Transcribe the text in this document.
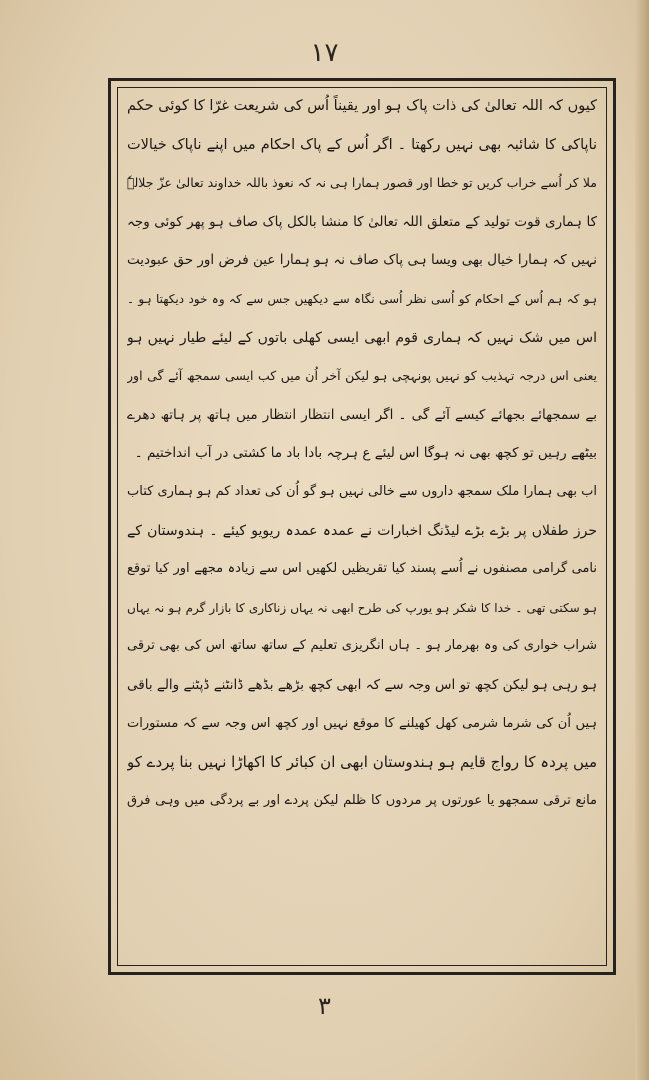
١٧
کیوں کہ اللہ تعالیٰ کی ذات پاک ہو اور یقیناً اُس کی شریعت غرّا کا کوئی حکم
ناپاکی کا شائبہ بھی نہیں رکھتا ۔ اگر اُس کے پاک احکام میں اپنے ناپاک خیالات
ملا کر اُسے خراب کریں تو خطا اور قصور ہمارا ہی نہ کہ نعوذ باللہ خداوند تعالیٰ عزّ جلالہٗ
کا ہماری قوت تولید کے متعلق اللہ تعالیٰ کا منشا بالکل پاک صاف ہو پھر کوئی وجہ
نہیں کہ ہمارا خیال بھی ویسا ہی پاک صاف نہ ہو ہمارا عین فرض اور حق عبودیت
ہو کہ ہم اُس کے احکام کو اُسی نظر اُسی نگاہ سے دیکھیں جس سے کہ وہ خود دیکھتا ہو ۔
اس میں شک نہیں کہ ہماری قوم ابھی ایسی کھلی باتوں کے لیئے طیار نہیں ہو
یعنی اس درجہ تہذیب کو نہیں پونہچی ہو لیکن آخر اُن میں کب ایسی سمجھ آئے گی اور
بے سمجھائے بجھائے کیسے آئے گی ۔ اگر ایسی انتظار انتظار میں ہاتھ پر ہاتھ دھرے
بیٹھے رہیں تو کچھ بھی نہ ہوگا اس لیئے ع ہرچہ بادا باد ما کشتی در آب انداختیم ۔
اب بھی ہمارا ملک سمجھ داروں سے خالی نہیں ہو گو اُن کی تعداد کم ہو ہماری کتاب
حرز طفلاں پر بڑے بڑے لیڈنگ اخبارات نے عمدہ عمدہ ریویو کیئے ۔ ہندوستان کے
نامی گرامی مصنفوں نے اُسے پسند کیا تقریظیں لکھیں اس سے زیادہ مجھے اور کیا توقع
ہو سکتی تھی ۔ خدا کا شکر ہو یورپ کی طرح ابھی نہ یہاں زناکاری کا بازار گرم ہو نہ یہاں
شراب خواری کی وہ بھرمار ہو ۔ ہاں انگریزی تعلیم کے ساتھ ساتھ اس کی بھی ترقی
ہو رہی ہو لیکن کچھ تو اس وجہ سے کہ ابھی کچھ بڑھے بڈھے ڈانٹنے ڈپٹنے والے باقی
ہیں اُن کی شرما شرمی کھل کھیلنے کا موقع نہیں اور کچھ اس وجہ سے کہ مستورات
میں پردہ کا رواج قایم ہو ہندوستان ابھی ان کبائر کا اکھاڑا نہیں بنا پردے کو
مانع ترقی سمجھو یا عورتوں پر مردوں کا ظلم لیکن پردے اور بے پردگی میں وہی فرق
٣
